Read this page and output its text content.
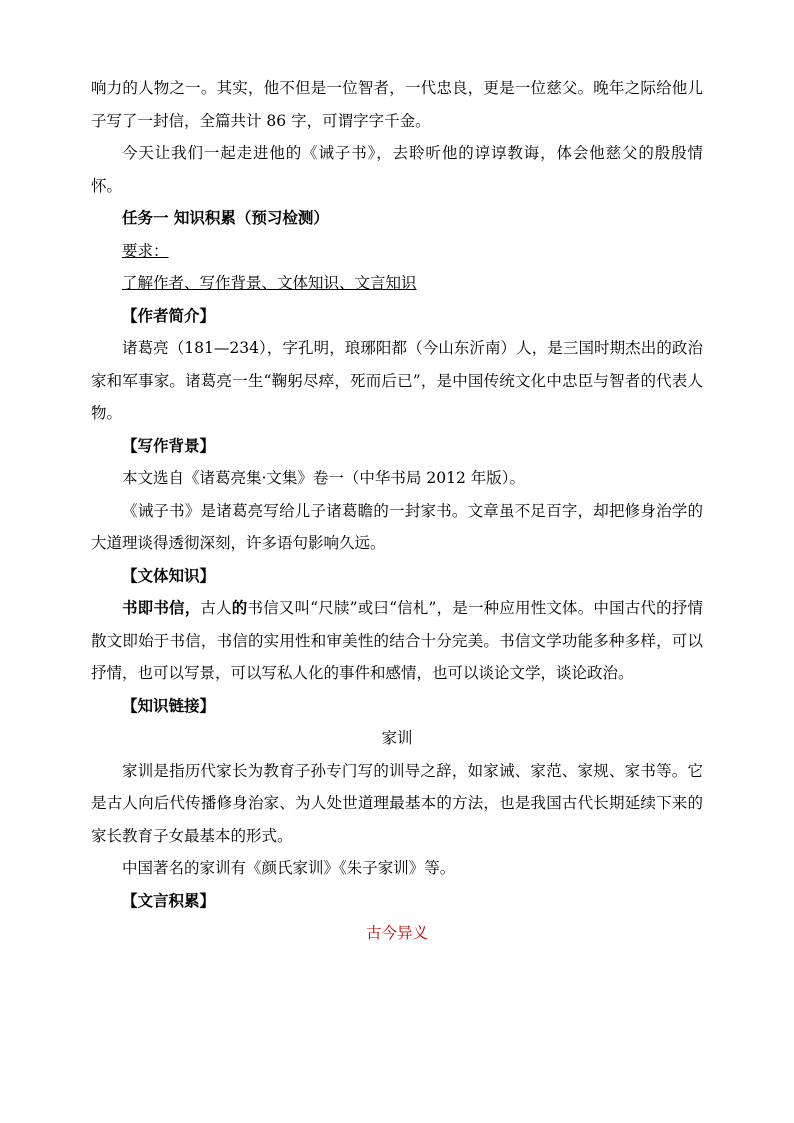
响力的人物之一。其实，他不但是一位智者，一代忠良，更是一位慈父。晚年之际给他儿子写了一封信，全篇共计 86 字，可谓字字千金。

今天让我们一起走进他的《诫子书》，去聆听他的谆谆教诲，体会他慈父的殷殷情怀。

任务一 知识积累（预习检测）

要求：

了解作者、写作背景、文体知识、文言知识

【作者简介】

诸葛亮（181—234），字孔明，琅琊阳都（今山东沂南）人，是三国时期杰出的政治家和军事家。诸葛亮一生“鞠躬尽瘁，死而后已”，是中国传统文化中忠臣与智者的代表人物。

【写作背景】

本文选自《诸葛亮集·文集》卷一（中华书局 2012 年版）。

《诫子书》是诸葛亮写给儿子诸葛瞻的一封家书。文章虽不足百字，却把修身治学的大道理谈得透彻深刻，许多语句影响久远。

【文体知识】

书即书信，古人的书信又叫“尺牍”或曰“信札”，是一种应用性文体。中国古代的抒情散文即始于书信，书信的实用性和审美性的结合十分完美。书信文学功能多种多样，可以抒情，也可以写景，可以写私人化的事件和感情，也可以谈论文学，谈论政治。

【知识链接】

家训

家训是指历代家长为教育子孙专门写的训导之辞，如家诫、家范、家规、家书等。它是古人向后代传播修身治家、为人处世道理最基本的方法，也是我国古代长期延续下来的家长教育子女最基本的形式。

中国著名的家训有《颜氏家训》《朱子家训》等。

【文言积累】

古今异义
